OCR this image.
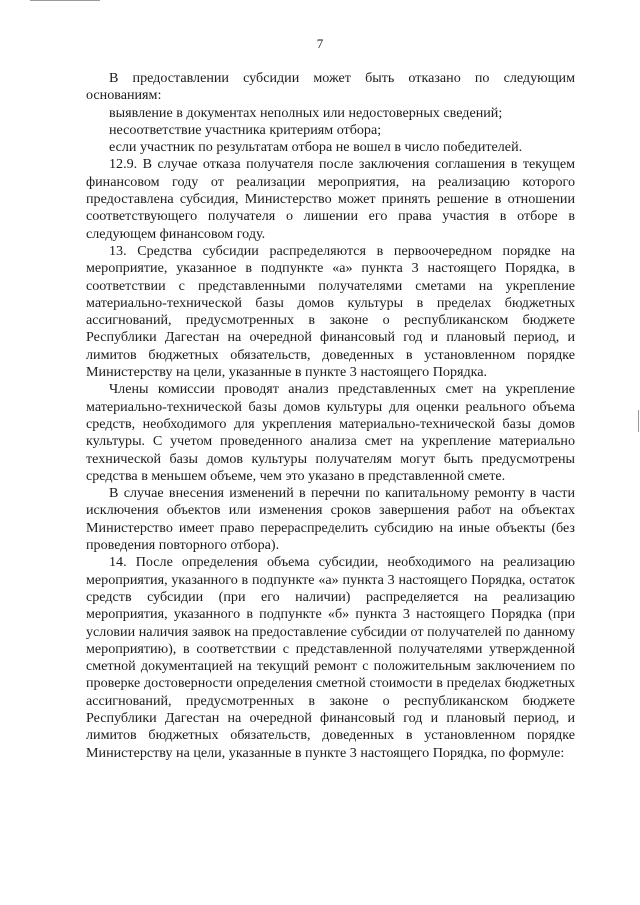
7

В предоставлении субсидии может быть отказано по следующим основаниям:

выявление в документах неполных или недостоверных сведений;

несоответствие участника критериям отбора;

если участник по результатам отбора не вошел в число победителей.

12.9. В случае отказа получателя после заключения соглашения в текущем финансовом году от реализации мероприятия, на реализацию которого предоставлена субсидия, Министерство может принять решение в отношении соответствующего получателя о лишении его права участия в отборе в следующем финансовом году.

13. Средства субсидии распределяются в первоочередном порядке на мероприятие, указанное в подпункте «а» пункта 3 настоящего Порядка, в соответствии с представленными получателями сметами на укрепление материально-технической базы домов культуры в пределах бюджетных ассигнований, предусмотренных в законе о республиканском бюджете Республики Дагестан на очередной финансовый год и плановый период, и лимитов бюджетных обязательств, доведенных в установленном порядке Министерству на цели, указанные в пункте 3 настоящего Порядка.

Члены комиссии проводят анализ представленных смет на укрепление материально-технической базы домов культуры для оценки реального объема средств, необходимого для укрепления материально-технической базы домов культуры. С учетом проведенного анализа смет на укрепление материально технической базы домов культуры получателям могут быть предусмотрены средства в меньшем объеме, чем это указано в представленной смете.

В случае внесения изменений в перечни по капитальному ремонту в части исключения объектов или изменения сроков завершения работ на объектах Министерство имеет право перераспределить субсидию на иные объекты (без проведения повторного отбора).

14. После определения объема субсидии, необходимого на реализацию мероприятия, указанного в подпункте «а» пункта 3 настоящего Порядка, остаток средств субсидии (при его наличии) распределяется на реализацию мероприятия, указанного в подпункте «б» пункта 3 настоящего Порядка (при условии наличия заявок на предоставление субсидии от получателей по данному мероприятию), в соответствии с представленной получателями утвержденной сметной документацией на текущий ремонт с положительным заключением по проверке достоверности определения сметной стоимости в пределах бюджетных ассигнований, предусмотренных в законе о республиканском бюджете Республики Дагестан на очередной финансовый год и плановый период, и лимитов бюджетных обязательств, доведенных в установленном порядке Министерству на цели, указанные в пункте 3 настоящего Порядка, по формуле:
